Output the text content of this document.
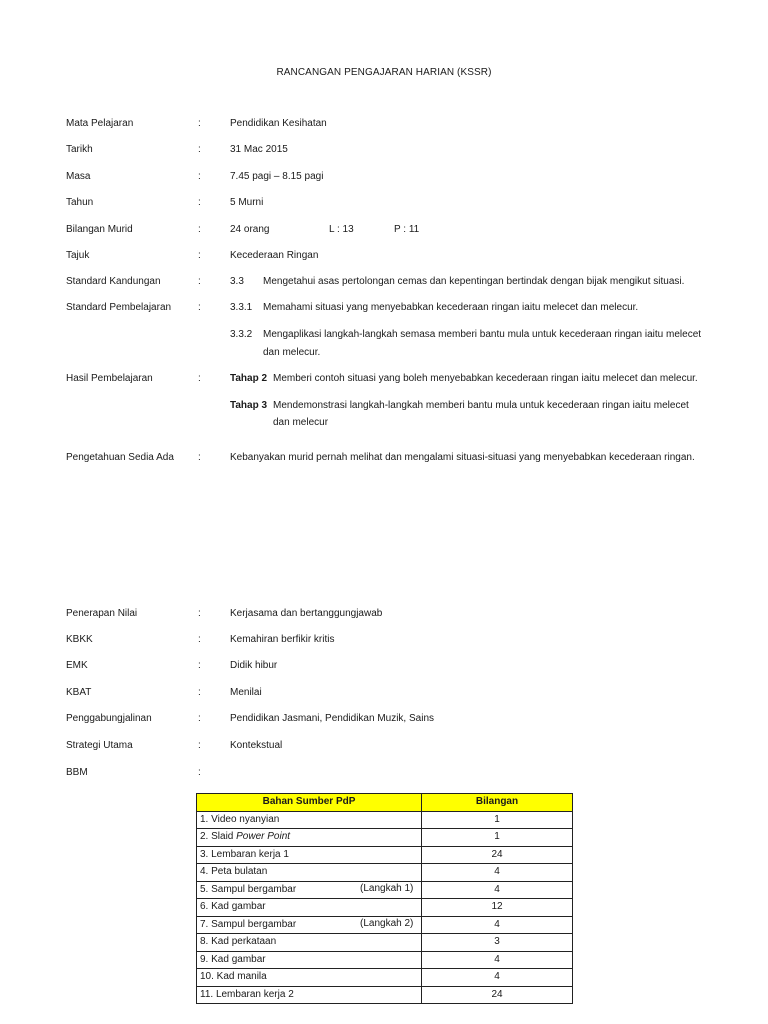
RANCANGAN PENGAJARAN HARIAN (KSSR)
Mata Pelajaran	:	Pendidikan Kesihatan
Tarikh	:	31 Mac 2015
Masa	:	7.45 pagi – 8.15 pagi
Tahun	:	5 Murni
Bilangan Murid	:	24 orang	L : 13	P : 11
Tajuk	:	Kecederaan Ringan
Standard Kandungan	:	3.3 Mengetahui asas pertolongan cemas dan kepentingan bertindak dengan bijak mengikut situasi.
Standard Pembelajaran	:	3.3.1 Memahami situasi yang menyebabkan kecederaan ringan iaitu melecet dan melecur.
3.3.2 Mengaplikasi langkah-langkah semasa memberi bantu mula untuk kecederaan ringan iaitu melecet
dan melecur.
Hasil Pembelajaran	:	Tahap 2 Memberi contoh situasi yang boleh menyebabkan kecederaan ringan iaitu melecet dan melecur.
Tahap 3 Mendemonstrasi langkah-langkah memberi bantu mula untuk kecederaan ringan iaitu melecet
dan melecur
Pengetahuan Sedia Ada :	Kebanyakan murid pernah melihat dan mengalami situasi-situasi yang menyebabkan kecederaan ringan.
Penerapan Nilai	:	Kerjasama dan bertanggungjawab
KBKK	:	Kemahiran berfikir kritis
EMK	:	Didik hibur
KBAT	:	Menilai
Penggabungjalinan	:	Pendidikan Jasmani, Pendidikan Muzik, Sains
Strategi Utama	:	Kontekstual
BBM	:
Bahan Sumber PdP	Bilangan
1. Video nyanyian	1
2. Slaid Power Point	1
3. Lembaran kerja 1	24
4. Peta bulatan	4
5. Sampul bergambar (Langkah 1)	4
6. Kad gambar	12
7. Sampul bergambar (Langkah 2)	4
8. Kad perkataan	3
9. Kad gambar	4
10. Kad manila	4
11. Lembaran kerja 2	24
